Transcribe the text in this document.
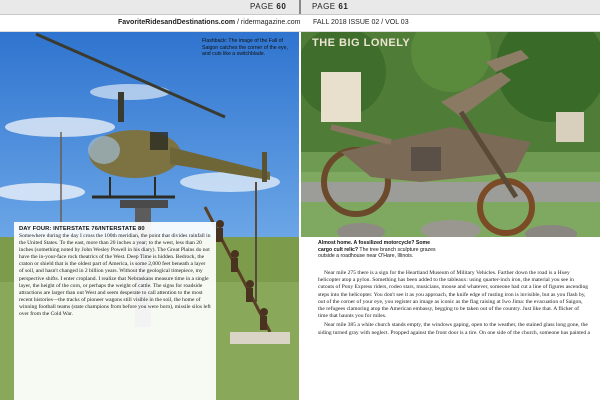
PAGE 60	PAGE 61
FavoriteRidesandDestinations.com / ridermagazine.com FALL 2018 ISSUE 02 / VOL 03
Flashback: The image of the Fall of Saigon catches the corner of the eye, and cuts like a switchblade.
DAY FOUR: INTERSTATE 76/INTERSTATE 80
Somewhere during the day I cross the 100th meridian, the point that divides rainfall in the United States. To the east, more than 20 inches a year; to the west, less than 20 inches (something noted by John Wesley Powell in his diary). The Great Plains do not have the in-your-face rock theatrics of the West. Deep Time is hidden. Bedrock, the craton or shield that is the oldest part of America, is some 2,000 feet beneath a layer of soil, and hasn't changed in 2 billion years. Without the geological timepiece, my perspective shifts. I enter cropland. I realize that Nebraskans measure time in a single layer, the height of the corn, or perhaps the weight of cattle. The signs for roadside attractions are larger than out West and seem desperate to call attention to the most recent histories—the tracks of pioneer wagons still visible in the soil, the home of winning football teams (state champions from before you were born), missile silos left over from the Cold War.
THE BIG LONELY
Almost home. A fossilized motorcycle? Some cargo cult relic? The tree branch sculpture grazes outside a roadhouse near O'Hare, Illinois.

Near mile 275 there is a sign for the Heartland Museum of Military Vehicles. Farther down the road is a Huey helicopter atop a pylon. Something has been added to the tableaux: using quarter-inch iron, the material you see in cutouts of Pony Express riders, rodeo stars, musicians, moose and whatever, someone had cut a line of figures ascending steps into the helicopter. You don't see it as you approach, the knife edge of rusting iron is invisible, but as you flash by, out of the corner of your eye, you register an image as iconic as the flag raising at Iwo Jima: the evacuation of Saigon, the refugees clamoring atop the American embassy, begging to be taken out of the country. Just like that. A flicker of time that haunts you for miles.

Near mile 385 a white church stands empty, the windows gaping, open to the weather, the stained glass long gone, the siding turned gray with neglect. Propped against the front door is a tire. On one side of the church, someone has painted a
